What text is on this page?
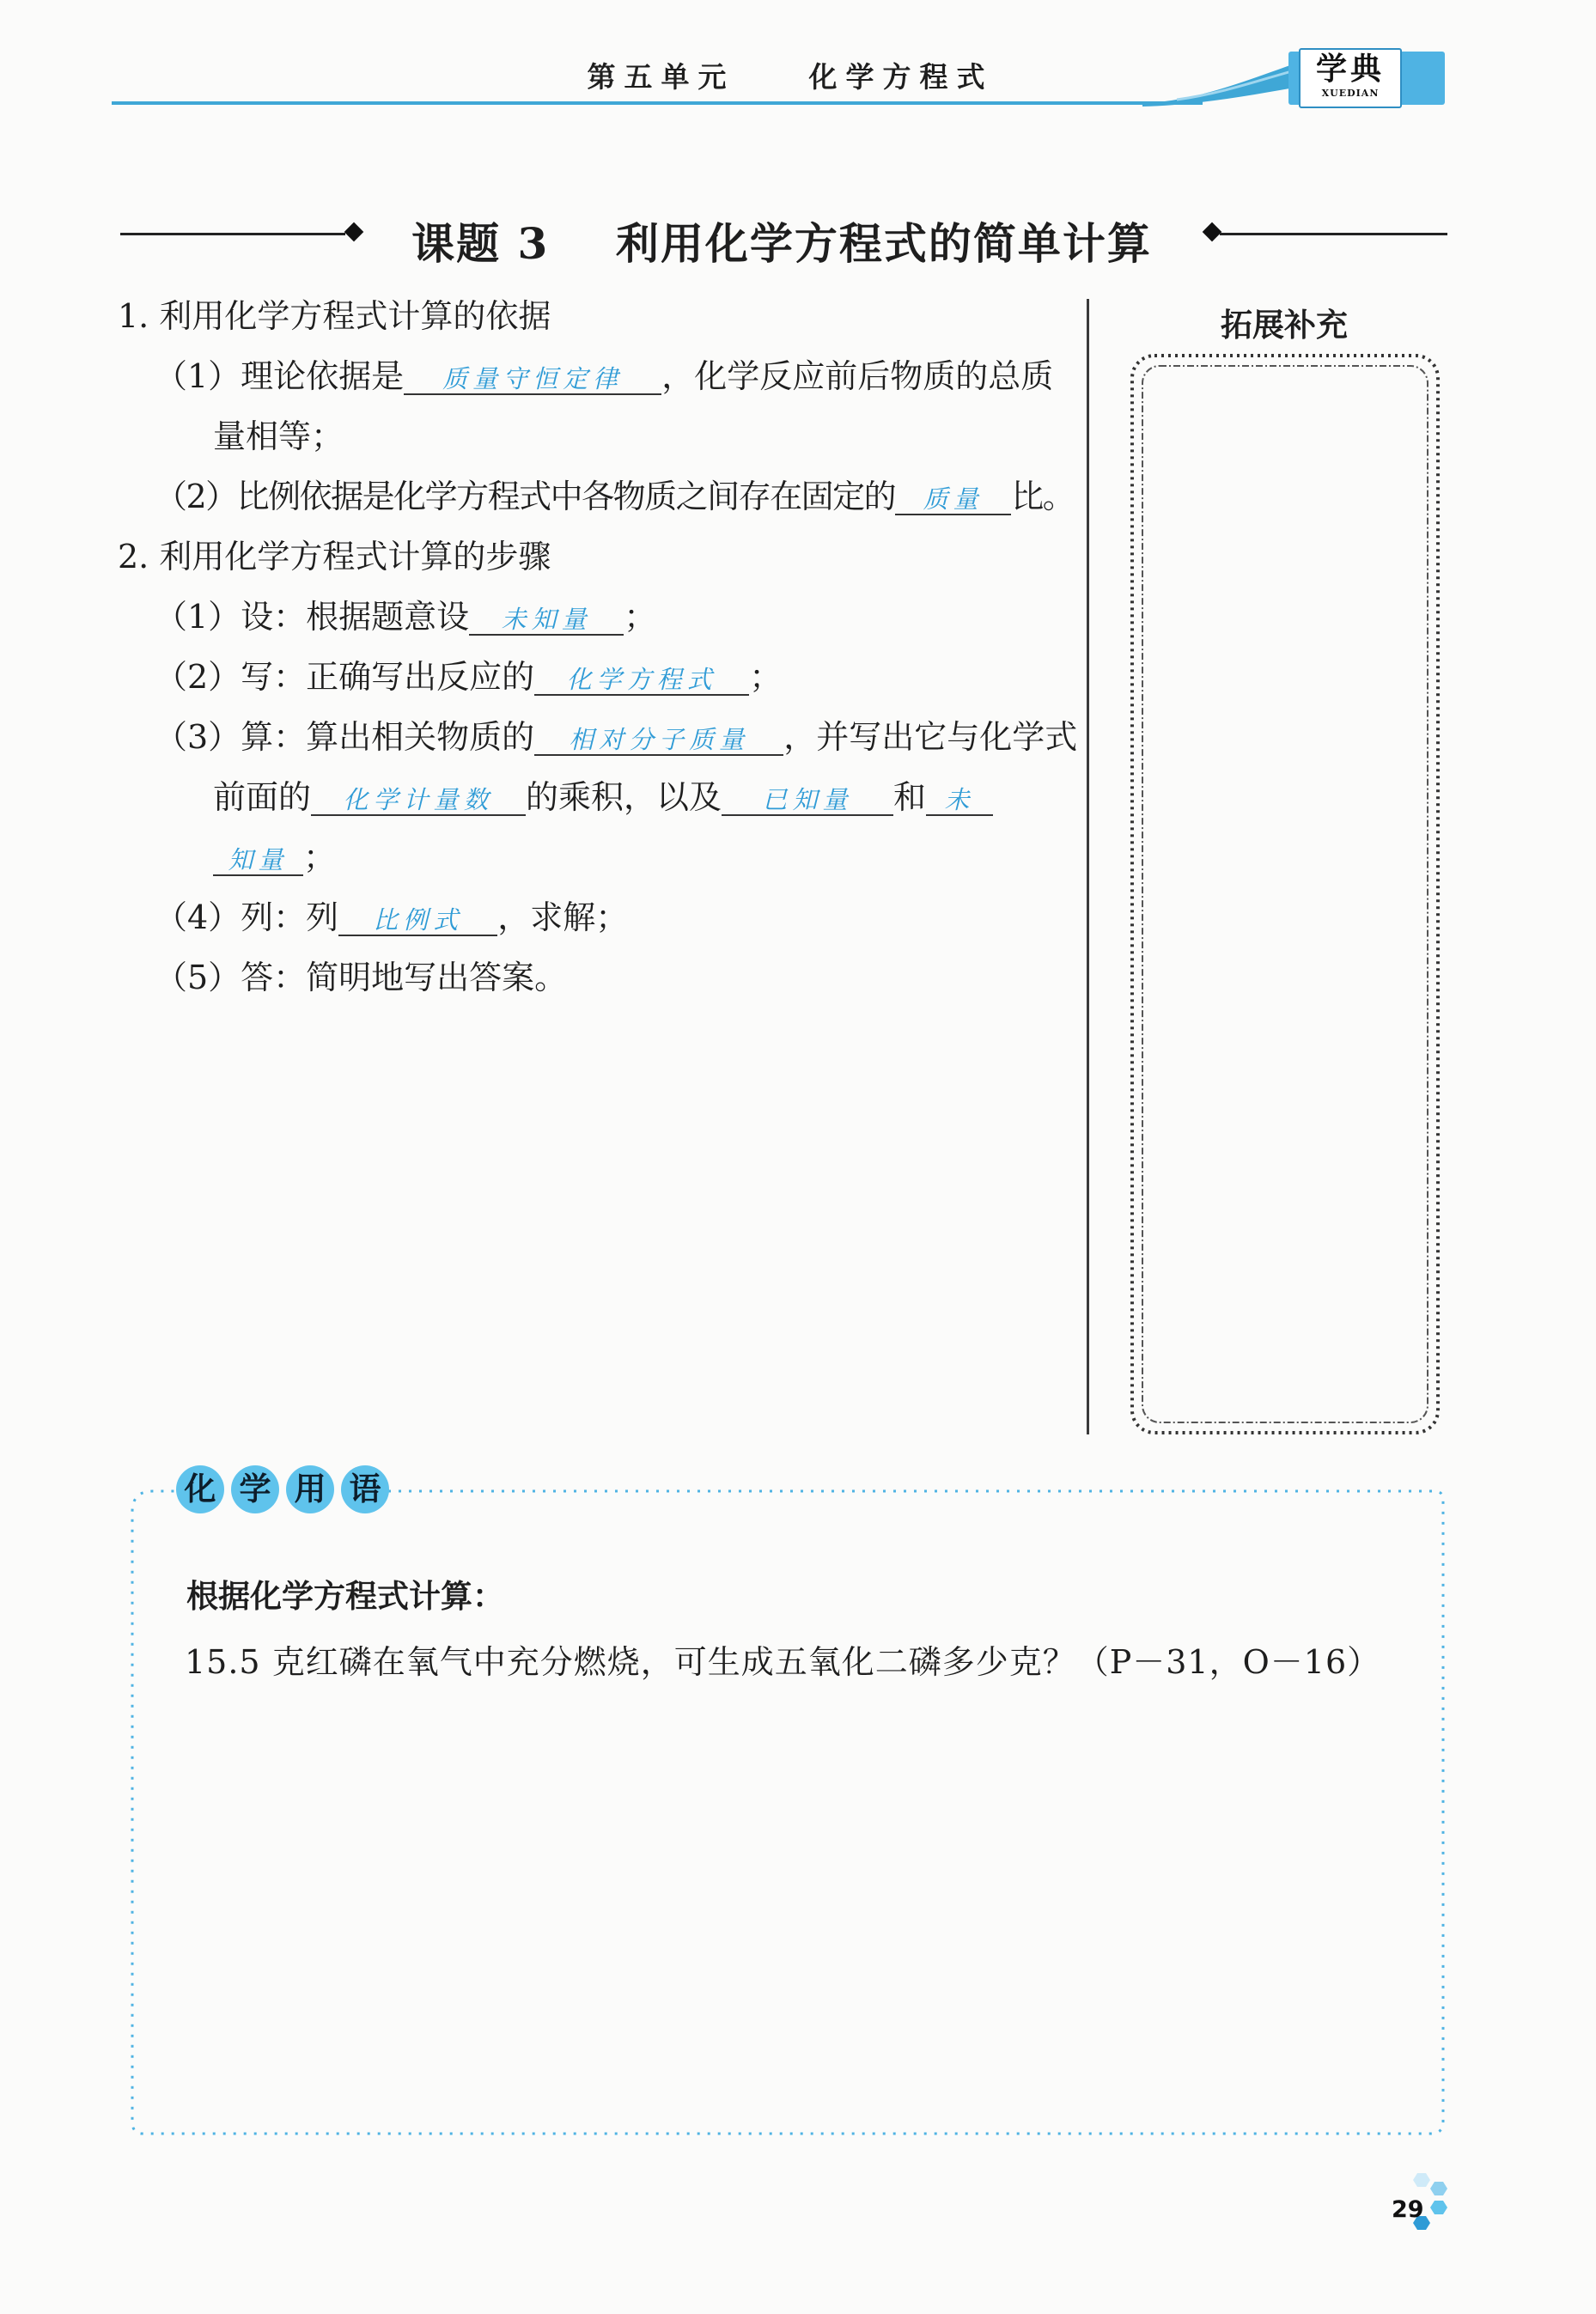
第五单元    化学方程式	学典
XUEDIAN
课题 3    利用化学方程式的简单计算
1. 利用化学方程式计算的依据
（1）理论依据是 质量守恒定律 ，化学反应前后物质的总质
量相等；
（2）比例依据是化学方程式中各物质之间存在固定的 质量 比。
2. 利用化学方程式计算的步骤
（1）设：根据题意设 未知量 ；
（2）写：正确写出反应的 化学方程式 ；
（3）算：算出相关物质的 相对分子质量 ，并写出它与化学式
前面的 化学计量数 的乘积，以及 已知量 和 未
知量 ；
（4）列：列 比例式 ，求解；
（5）答：简明地写出答案。
拓展补充
化 学 用 语
根据化学方程式计算：
15.5 克红磷在氧气中充分燃烧，可生成五氧化二磷多少克？（P－31，O－16）
29
